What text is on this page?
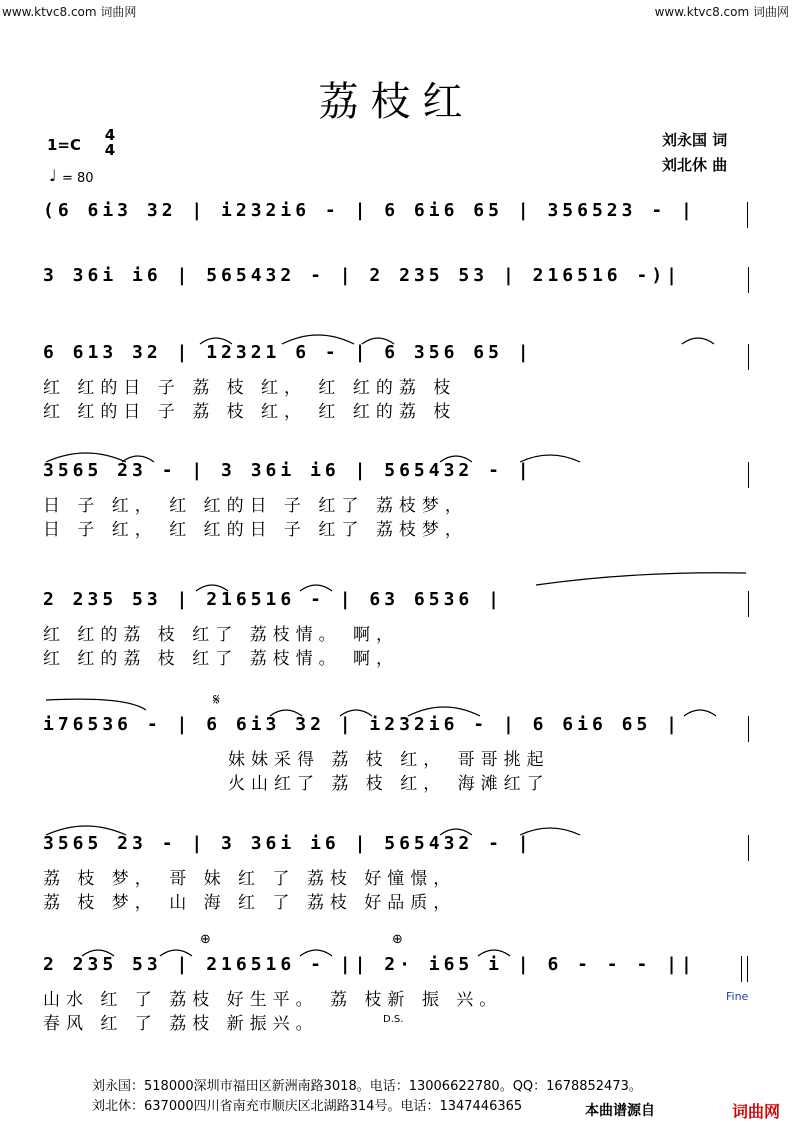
www.ktvc8.com 词曲网	www.ktvc8.com 词曲网
荔枝红
1=C
4
4
♩ = 80
刘永国 词
刘北休 曲
(6 6i3 32 | i232i6 - | 6 6i6 65 | 356523 - |
3 36i i6 | 565432 - | 2 235 53 | 216516 -)|
6 613 32 | 12321 6 - | 6 356 65 |
红 红的日 子 荔 枝 红， 红 红的荔 枝
红 红的日 子 荔 枝 红， 红 红的荔 枝
3565 23 - | 3 36i i6 | 565432 - |
日 子 红， 红 红的日 子 红了 荔枝梦，
日 子 红， 红 红的日 子 红了 荔枝梦，
2 235 53 | 216516 - | 63 6536 |
红 红的荔 枝 红了 荔枝情。 啊，
红 红的荔 枝 红了 荔枝情。 啊，
𝄋
i76536 - | 6 6i3 32 | i232i6 - | 6 6i6 65 |
妹妹采得 荔 枝 红， 哥哥挑起
火山红了 荔 枝 红， 海滩红了
3565 23 - | 3 36i i6 | 565432 - |
荔 枝 梦， 哥 妹 红 了 荔枝 好憧憬，
荔 枝 梦， 山 海 红 了 荔枝 好品质，
⊕	⊕
2 235 53 | 216516 - || 2· i65 i | 6 - - - ||
山水 红 了 荔枝 好生平。 荔 枝新 振 兴。
春风 红 了 荔枝 新振兴。
Fine
D.S.
刘永国：518000深圳市福田区新洲南路3018。电话：13006622780。QQ：1678852473。
刘北休：637000四川省南充市顺庆区北湖路314号。电话：1347446365	本曲谱源自	词曲网
